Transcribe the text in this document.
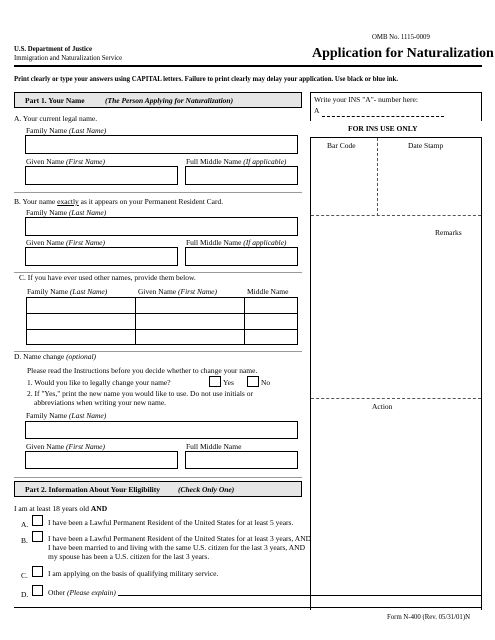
OMB No. 1115-0009
U.S. Department of Justice
Immigration and Naturalization Service	Application for Naturalization
Print clearly or type your answers using CAPITAL letters. Failure to print clearly may delay your application. Use black or blue ink.
Part 1. Your Name	(The Person Applying for Naturalization)
A. Your current legal name.
Family Name (Last Name)
Given Name (First Name)	Full Middle Name (If applicable)
B. Your name exactly as it appears on your Permanent Resident Card.
Family Name (Last Name)
Given Name (First Name)	Full Middle Name (If applicable)
C. If you have ever used other names, provide them below.
Family Name (Last Name)	Given Name (First Name)	Middle Name
D. Name change (optional)
Please read the Instructions before you decide whether to change your name.
1. Would you like to legally change your name?	Yes	No
2. If "Yes," print the new name you would like to use. Do not use initials or
abbreviations when writing your new name.
Family Name (Last Name)
Given Name (First Name)	Full Middle Name
Write your INS "A"- number here:
A
FOR INS USE ONLY
Bar Code	Date Stamp
Remarks
Action
Part 2. Information About Your Eligibility (Check Only One)
I am at least 18 years old AND
A.	I have been a Lawful Permanent Resident of the United States for at least 5 years.
B.	I have been a Lawful Permanent Resident of the United States for at least 3 years, AND
I have been married to and living with the same U.S. citizen for the last 3 years, AND
my spouse has been a U.S. citizen for the last 3 years.
C.	I am applying on the basis of qualifying military service.
D.	Other (Please explain)
Form N-400 (Rev. 05/31/01)N
